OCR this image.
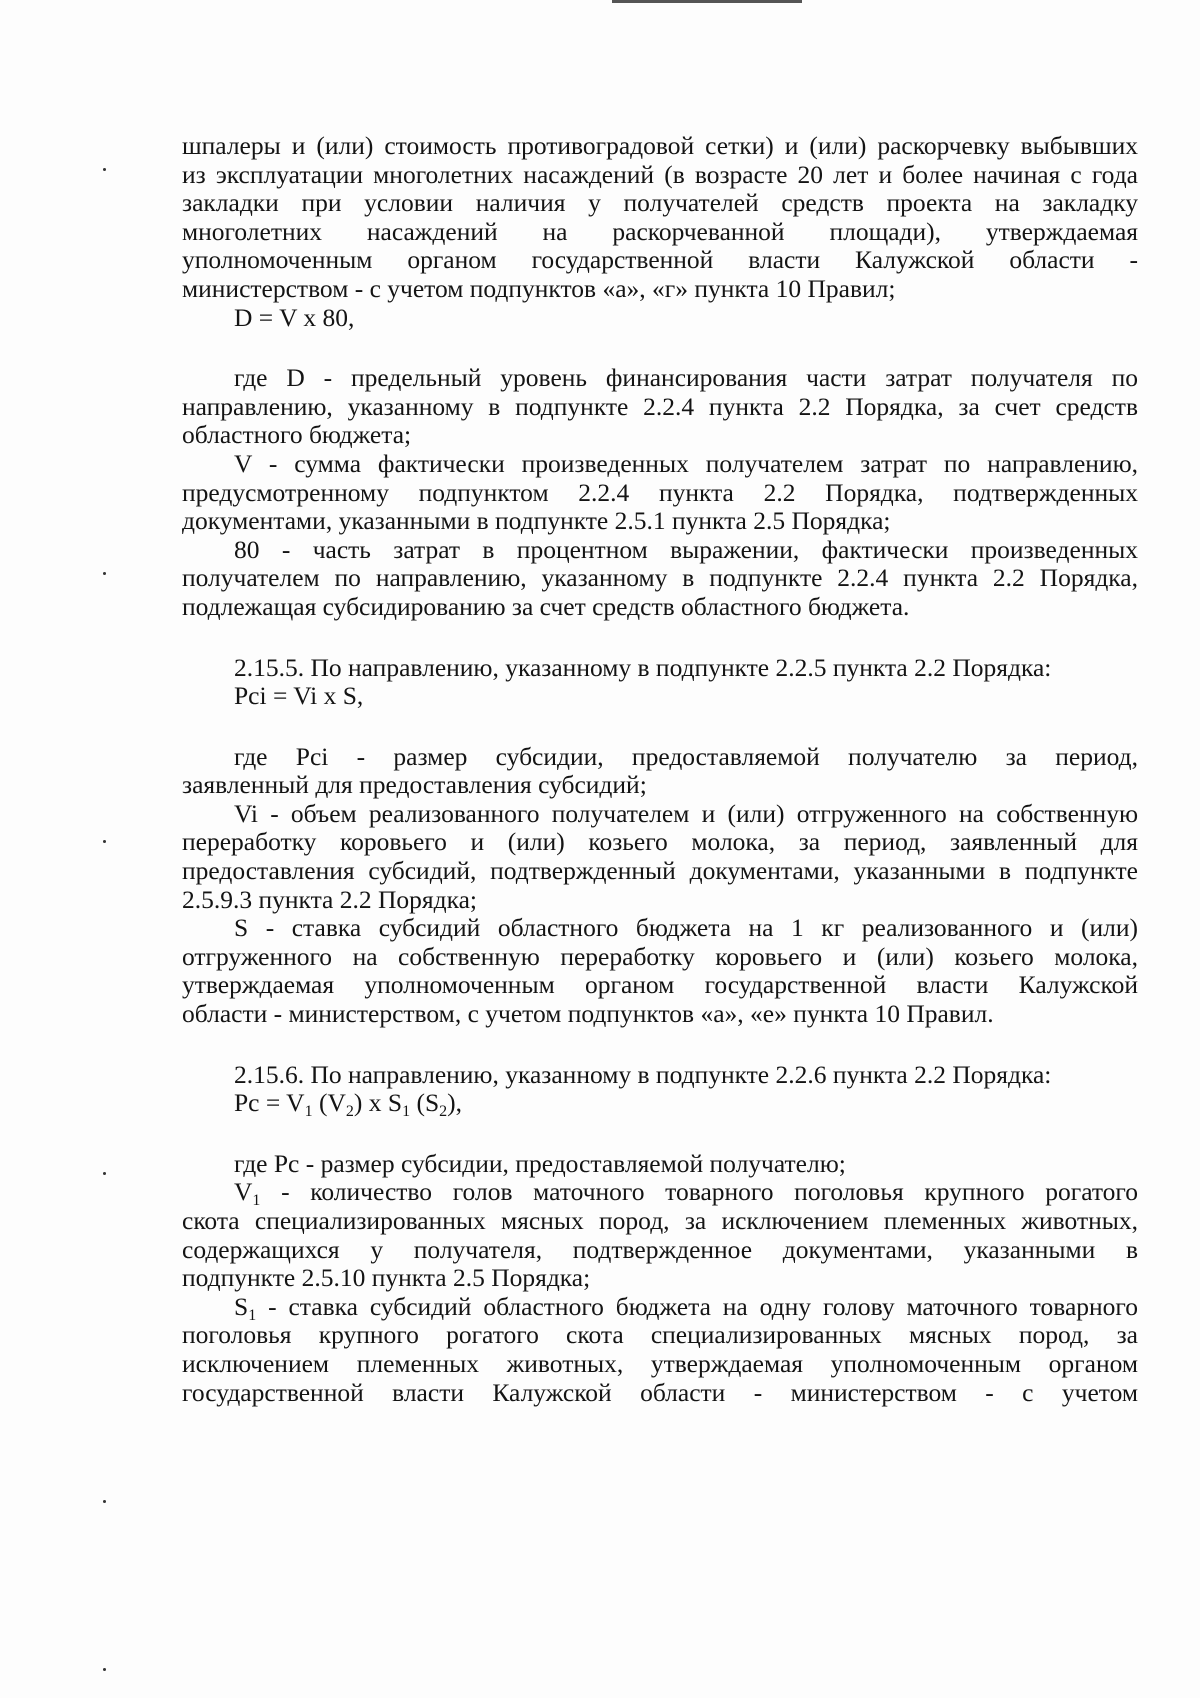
шпалеры и (или) стоимость противоградовой сетки) и (или) раскорчевку выбывших

из эксплуатации многолетних насаждений (в возрасте 20 лет и более начиная с года

закладки при условии наличия у получателей средств проекта на закладку

многолетних насаждений на раскорчеванной площади), утверждаемая

уполномоченным органом государственной власти Калужской области -

министерством - с учетом подпунктов «а», «г» пункта 10 Правил;

D = V x 80,

где D - предельный уровень финансирования части затрат получателя по

направлению, указанному в подпункте 2.2.4 пункта 2.2 Порядка, за счет средств

областного бюджета;

V - сумма фактически произведенных получателем затрат по направлению,

предусмотренному подпунктом 2.2.4 пункта 2.2 Порядка, подтвержденных

документами, указанными в подпункте 2.5.1 пункта 2.5 Порядка;

80 - часть затрат в процентном выражении, фактически произведенных

получателем по направлению, указанному в подпункте 2.2.4 пункта 2.2 Порядка,

подлежащая субсидированию за счет средств областного бюджета.

2.15.5. По направлению, указанному в подпункте 2.2.5 пункта 2.2 Порядка:

Pci = Vi x S,

где Pci - размер субсидии, предоставляемой получателю за период,

заявленный для предоставления субсидий;

Vi - объем реализованного получателем и (или) отгруженного на собственную

переработку коровьего и (или) козьего молока, за период, заявленный для

предоставления субсидий, подтвержденный документами, указанными в подпункте

2.5.9.3 пункта 2.2 Порядка;

S - ставка субсидий областного бюджета на 1 кг реализованного и (или)

отгруженного на собственную переработку коровьего и (или) козьего молока,

утверждаемая уполномоченным органом государственной власти Калужской

области - министерством, с учетом подпунктов «а», «е» пункта 10 Правил.

2.15.6. По направлению, указанному в подпункте 2.2.6 пункта 2.2 Порядка:

$Pc = V_1$ $(V_2)$ x $S_1$ $(S_2)$,

где Pc - размер субсидии, предоставляемой получателю;

$V_1$ - количество голов маточного товарного поголовья крупного рогатого

скота специализированных мясных пород, за исключением племенных животных,

содержащихся у получателя, подтвержденное документами, указанными в

подпункте 2.5.10 пункта 2.5 Порядка;

$S_1$ - ставка субсидий областного бюджета на одну голову маточного товарного

поголовья крупного рогатого скота специализированных мясных пород, за

исключением племенных животных, утверждаемая уполномоченным органом

государственной власти Калужской области - министерством - с учетом
